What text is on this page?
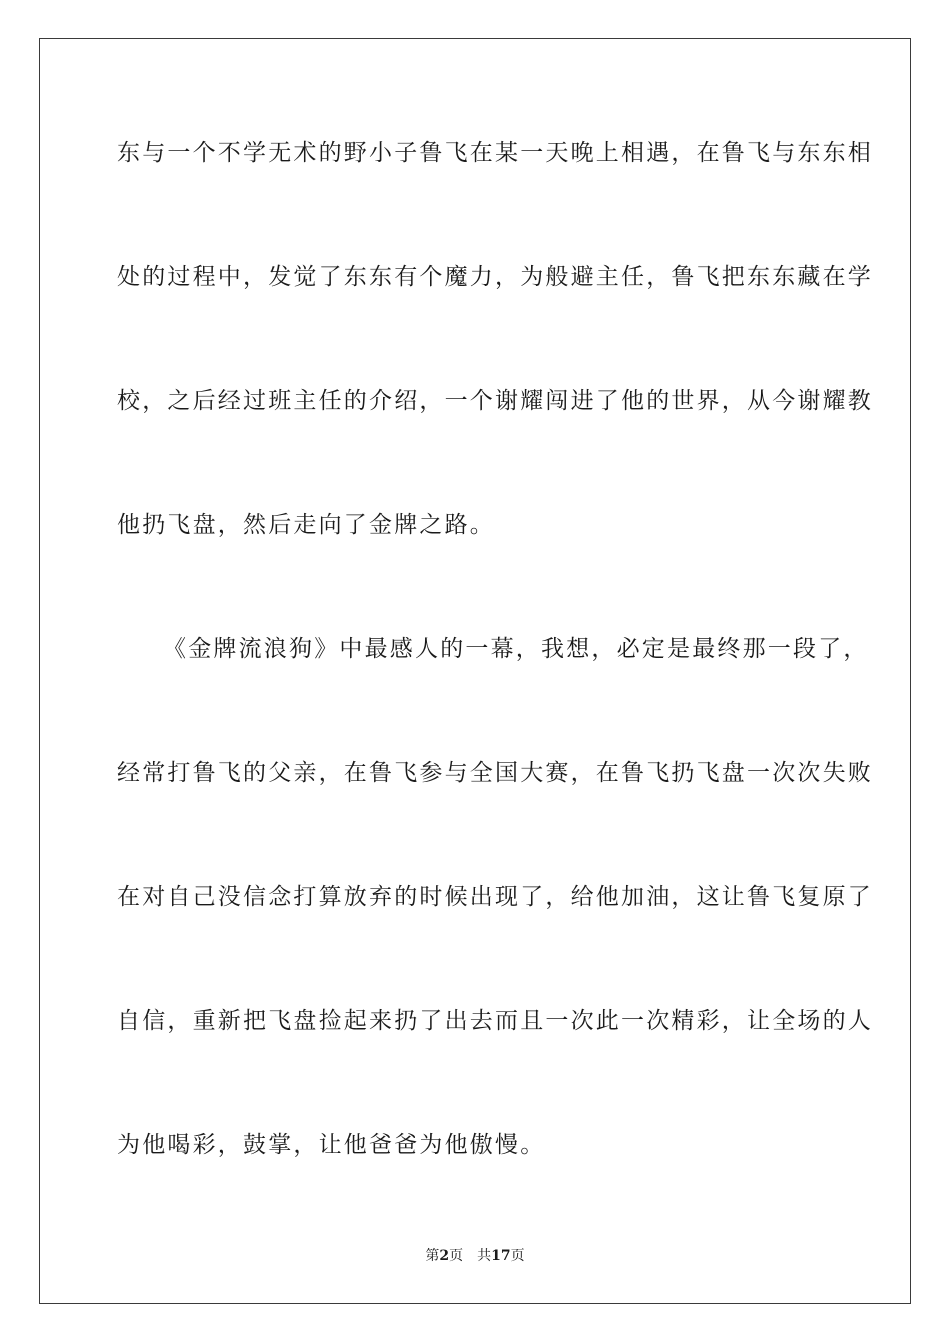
东与一个不学无术的野小子鲁飞在某一天晚上相遇，在鲁飞与东东相
处的过程中，发觉了东东有个魔力，为般避主任，鲁飞把东东藏在学
校，之后经过班主任的介绍，一个谢耀闯进了他的世界，从今谢耀教
他扔飞盘，然后走向了金牌之路。
《金牌流浪狗》中最感人的一幕，我想，必定是最终那一段了，
经常打鲁飞的父亲，在鲁飞参与全国大赛，在鲁飞扔飞盘一次次失败
在对自己没信念打算放弃的时候出现了，给他加油，这让鲁飞复原了
自信，重新把飞盘捡起来扔了出去而且一次此一次精彩，让全场的人
为他喝彩，鼓掌，让他爸爸为他傲慢。
第2页 共17页
